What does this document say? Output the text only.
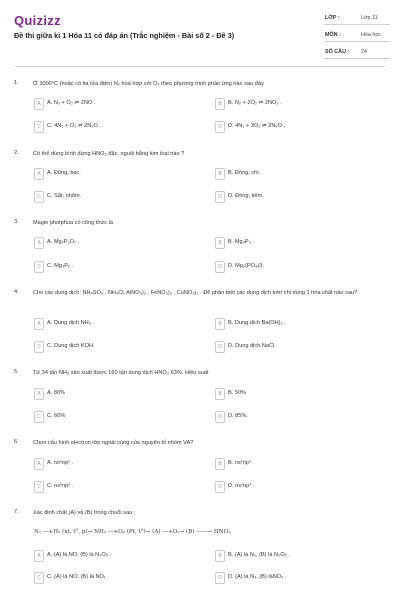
Quizizz
Đề thi giữa kì 1 Hóa 11 có đáp án (Trắc nghiệm - Bài số 2 - Đề 3)
LỚP :	Lớp 11
MÔN :	Hóa học
SỐ CÂU : 24
1.	Ở 3000°C (hoặc có tia lửa điện) N₂ hoá hợp với O₂ theo phương trình phản ứng nào sau đây
A	A. N₂ + O₂ ⇌ 2NO .	B	B. N₂ + 2O₂ ⇌ 2NO₂ .
C	C. 4N₂ + O₂ ⇌ 2N₂O .	D	D. 4N₂ + 3O₂ ⇌ 2N₂O .
2.	Có thể dùng bình đựng HNO₃ đặc, nguội bằng kim loại nào ?
A	A. Đồng, bạc.	B	B. Đồng, chì.
C	C. Sắt, nhôm.	D	D. Đồng, kẽm.
3.	Magie photphua có công thức là
A	A. Mg₂P₂O₇ .	B	B. Mg₃P₂ .
C	C. Mg₃P₂ .	D	D. Mg₃(PO₄)3.
4.	Cho các dung dịch: NH₄SO₄ , NH₄Cl, AlNO₃)₃ , FeNO₃)₃ , CuNO₃)₂ . Để phân biệt các dung dịch trên chỉ dùng 1 hóa chất nào sau?
A	A. Dung dịch NH₃ .	B	B. Dung dịch Ba(OH)₂ .
C	C. Dung dịch KOH.	D	D. Dung dịch NaCl.
5.	Từ 34 tấn NH₃ sản xuất được 160 tấn dung dịch HNO₃ 63%. Hiệu suất
A	A. 80%	B	B. 50%
C	C. 60%	D	D. 85%.
6.	Chọn cấu hình electron lớp ngoài cùng của nguyên tố nhóm VA?
A	A. ns²np⁵ .	B	B. ns²np³ .
C	C. ns²np² .	D	D. ns²np⁴ .
7.	Xác định chất (A) và (B) trong chuỗi sau :
N₂ —+H₂ (xt, t°, p)→ NH₃ —+O₂ (Pt, t°)→ (A) —+O₂→ (B) ——→ HNO₃
A	A. (A) là NO, (B) là N₂O₅ .	B	B. (A) là N₂, (B) là N₂O₅ .
C	C. (A) là NO, (B) là NO₂ .	D	D. (A) là N₂, (B) làNO₂ .
